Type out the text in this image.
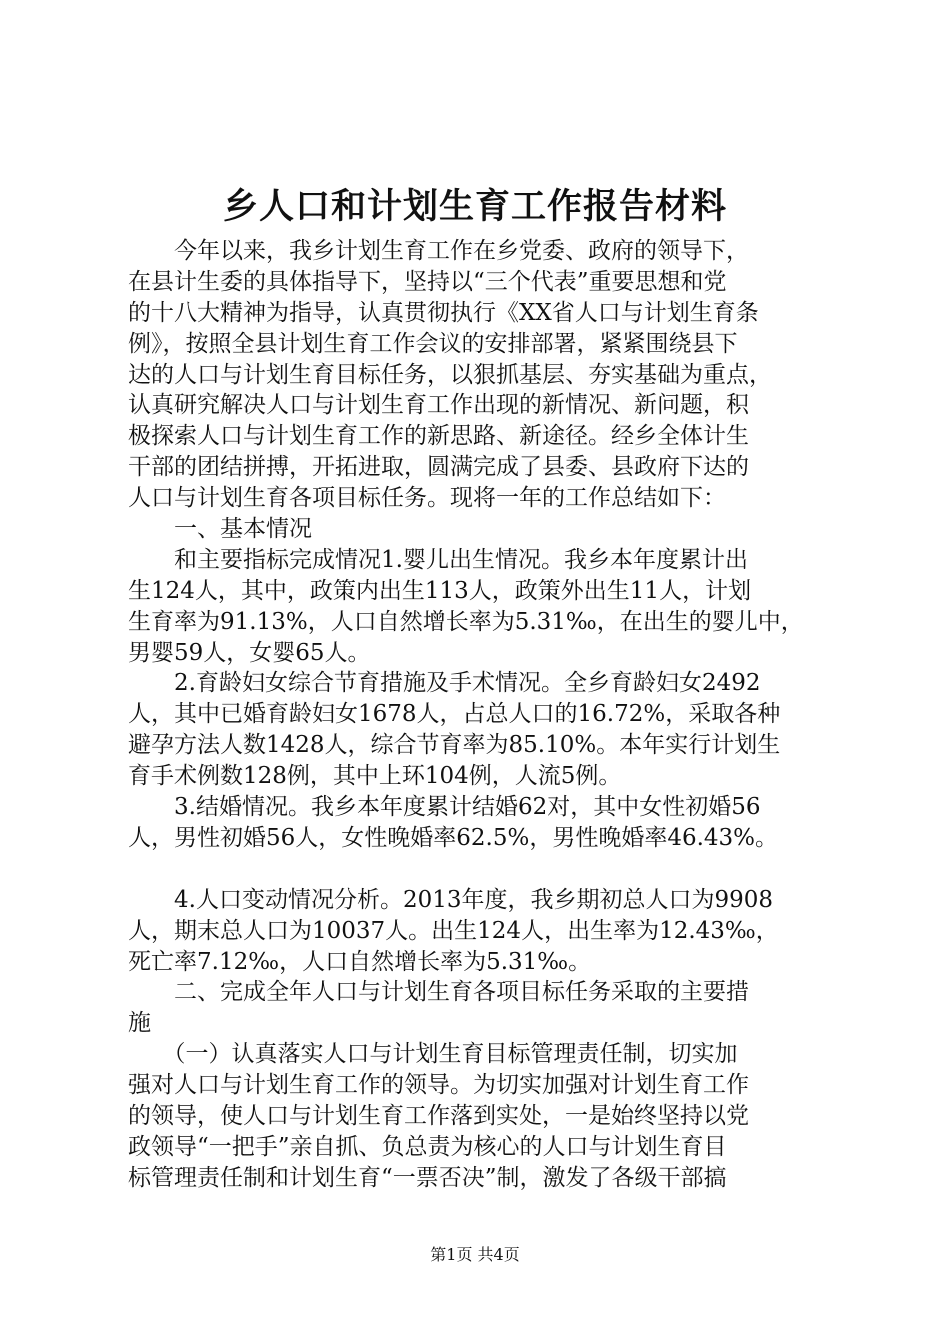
乡人口和计划生育工作报告材料
　　今年以来，我乡计划生育工作在乡党委、政府的领导下，
在县计生委的具体指导下，坚持以“三个代表”重要思想和党
的十八大精神为指导，认真贯彻执行《XX省人口与计划生育条
例》，按照全县计划生育工作会议的安排部署，紧紧围绕县下
达的人口与计划生育目标任务，以狠抓基层、夯实基础为重点，
认真研究解决人口与计划生育工作出现的新情况、新问题，积
极探索人口与计划生育工作的新思路、新途径。经乡全体计生
干部的团结拼搏，开拓进取，圆满完成了县委、县政府下达的
人口与计划生育各项目标任务。现将一年的工作总结如下：
　　一、基本情况
　　和主要指标完成情况1.婴儿出生情况。我乡本年度累计出
生124人，其中，政策内出生113人，政策外出生11人，计划
生育率为91.13%，人口自然增长率为5.31‰，在出生的婴儿中，
男婴59人，女婴65人。
　　2.育龄妇女综合节育措施及手术情况。全乡育龄妇女2492
人，其中已婚育龄妇女1678人，占总人口的16.72%，采取各种
避孕方法人数1428人，综合节育率为85.10%。本年实行计划生
育手术例数128例，其中上环104例，人流5例。
　　3.结婚情况。我乡本年度累计结婚62对，其中女性初婚56
人，男性初婚56人，女性晚婚率62.5%，男性晚婚率46.43%。
　　4.人口变动情况分析。2013年度，我乡期初总人口为9908
人，期末总人口为10037人。出生124人，出生率为12.43‰，
死亡率7.12‰，人口自然增长率为5.31‰。
　　二、完成全年人口与计划生育各项目标任务采取的主要措
施
　　（一）认真落实人口与计划生育目标管理责任制，切实加
强对人口与计划生育工作的领导。为切实加强对计划生育工作
的领导，使人口与计划生育工作落到实处，一是始终坚持以党
政领导“一把手”亲自抓、负总责为核心的人口与计划生育目
标管理责任制和计划生育“一票否决”制，激发了各级干部搞
第1页 共4页
